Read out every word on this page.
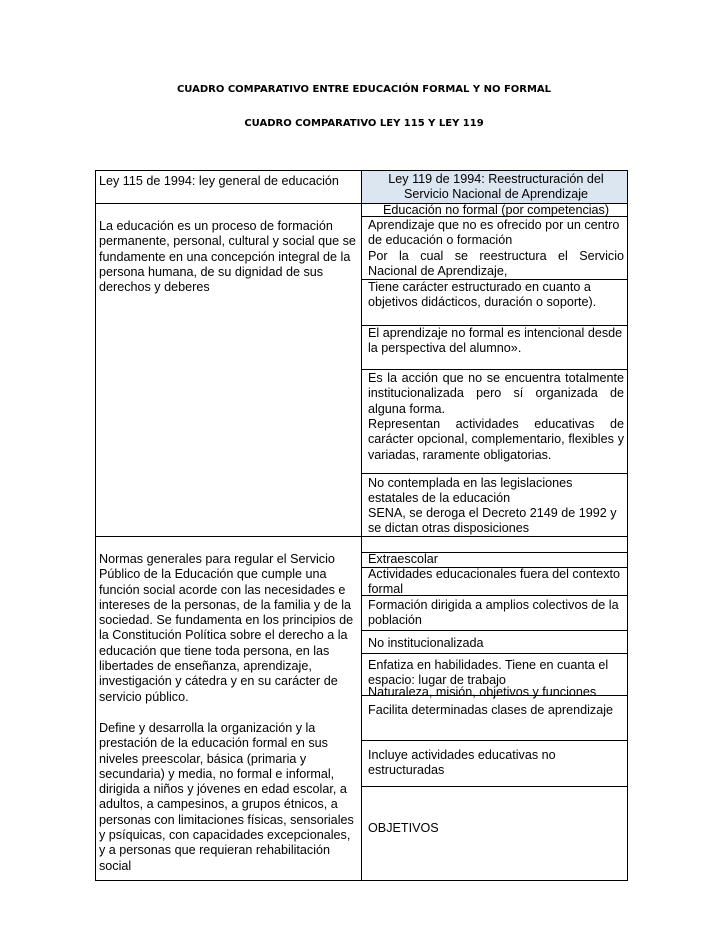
CUADRO COMPARATIVO ENTRE EDUCACIÓN FORMAL Y NO FORMAL
CUADRO COMPARATIVO LEY 115 Y LEY 119
Ley 115 de 1994: ley general de educación	Ley 119 de 1994: Reestructuración del Servicio Nacional de Aprendizaje
Educación no formal (por competencias)
La educación es un proceso de formación permanente, personal, cultural y social que se fundamente en una concepción integral de la persona humana, de su dignidad de sus derechos y deberes
Normas generales para regular el Servicio Público de la Educación que cumple una función social acorde con las necesidades e intereses de la personas, de la familia y de la sociedad. Se fundamenta en los principios de la Constitución Política sobre el derecho a la educación que tiene toda persona, en las libertades de enseñanza, aprendizaje, investigación y cátedra y en su carácter de servicio público.
Define y desarrolla la organización y la prestación de la educación formal en sus niveles preescolar, básica (primaria y secundaria) y media, no formal e informal, dirigida a niños y jóvenes en edad escolar, a adultos, a campesinos, a grupos étnicos, a personas con limitaciones físicas, sensoriales y psíquicas, con capacidades excepcionales, y a personas que requieran rehabilitación social
Aprendizaje que no es ofrecido por un centro de educación o formación
Por la cual se reestructura el Servicio Nacional de Aprendizaje,
Tiene carácter estructurado en cuanto a objetivos didácticos, duración o soporte).
El aprendizaje no formal es intencional desde la perspectiva del alumno».
Es la acción que no se encuentra totalmente institucionalizada pero sí organizada de alguna forma.
Representan actividades educativas de carácter opcional, complementario, flexibles y variadas, raramente obligatorias.
No contemplada en las legislaciones estatales de la educación
SENA, se deroga el Decreto 2149 de 1992 y se dictan otras disposiciones
Extraescolar
Actividades educacionales fuera del contexto formal
Formación dirigida a amplios colectivos de la población
No institucionalizada
Enfatiza en habilidades. Tiene en cuanta el espacio: lugar de trabajo
Naturaleza, misión, objetivos y funciones
Facilita determinadas clases de aprendizaje
Incluye actividades educativas no estructuradas
OBJETIVOS
